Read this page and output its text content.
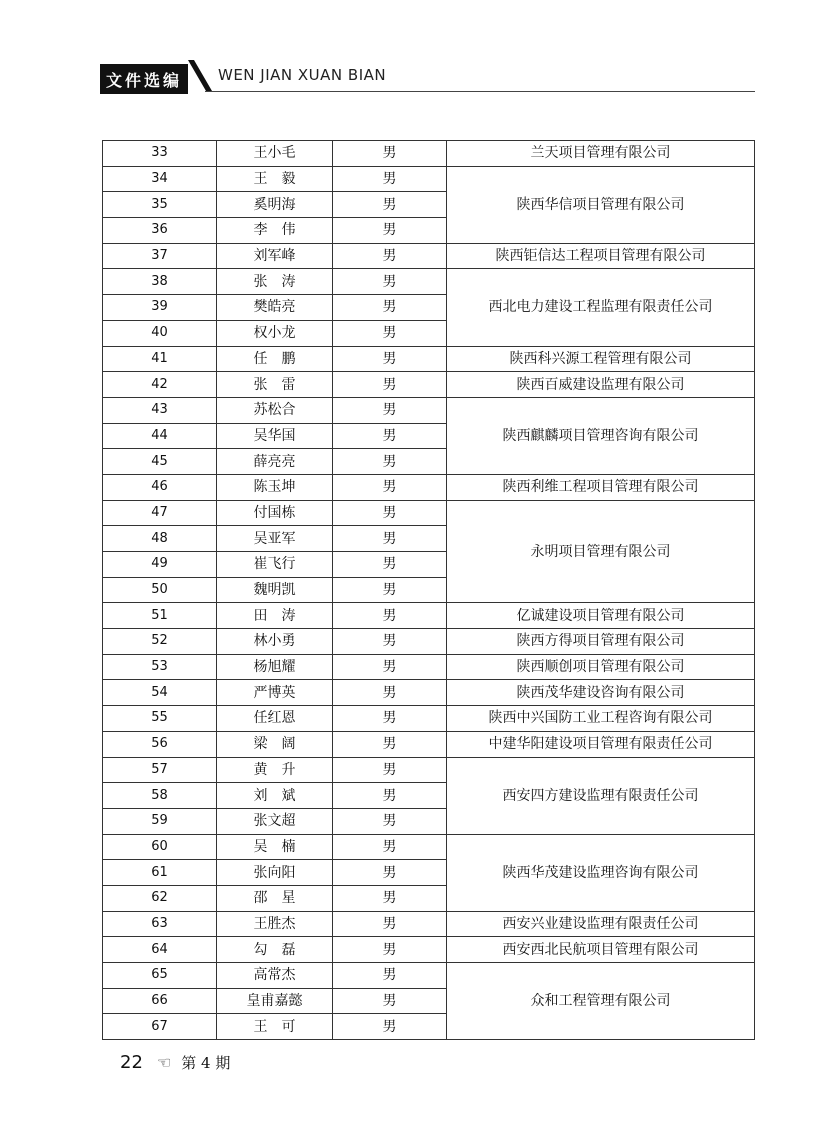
文件选编	WEN JIAN XUAN BIAN
33	王小毛	男	兰天项目管理有限公司
34	王　毅	男	陕西华信项目管理有限公司
35	奚明海	男	
36	李　伟	男	
37	刘军峰	男	陕西钜信达工程项目管理有限公司
38	张　涛	男	西北电力建设工程监理有限责任公司
39	樊皓亮	男	
40	权小龙	男	
41	任　鹏	男	陕西科兴源工程管理有限公司
42	张　雷	男	陕西百威建设监理有限公司
43	苏松合	男	陕西麒麟项目管理咨询有限公司
44	吴华国	男	
45	薛亮亮	男	
46	陈玉坤	男	陕西利维工程项目管理有限公司
47	付国栋	男	永明项目管理有限公司
48	吴亚军	男	
49	崔飞行	男	
50	魏明凯	男	
51	田　涛	男	亿诚建设项目管理有限公司
52	林小勇	男	陕西方得项目管理有限公司
53	杨旭耀	男	陕西顺创项目管理有限公司
54	严博英	男	陕西茂华建设咨询有限公司
55	任红恩	男	陕西中兴国防工业工程咨询有限公司
56	梁　阔	男	中建华阳建设项目管理有限责任公司
57	黄　升	男	西安四方建设监理有限责任公司
58	刘　斌	男	
59	张文超	男	
60	吴　楠	男	陕西华茂建设监理咨询有限公司
61	张向阳	男	
62	邵　星	男	
63	王胜杰	男	西安兴业建设监理有限责任公司
64	勾　磊	男	西安西北民航项目管理有限公司
65	高常杰	男	众和工程管理有限公司
66	皇甫嘉懿	男	
67	王　可	男	
22 ☜ 第 4 期
